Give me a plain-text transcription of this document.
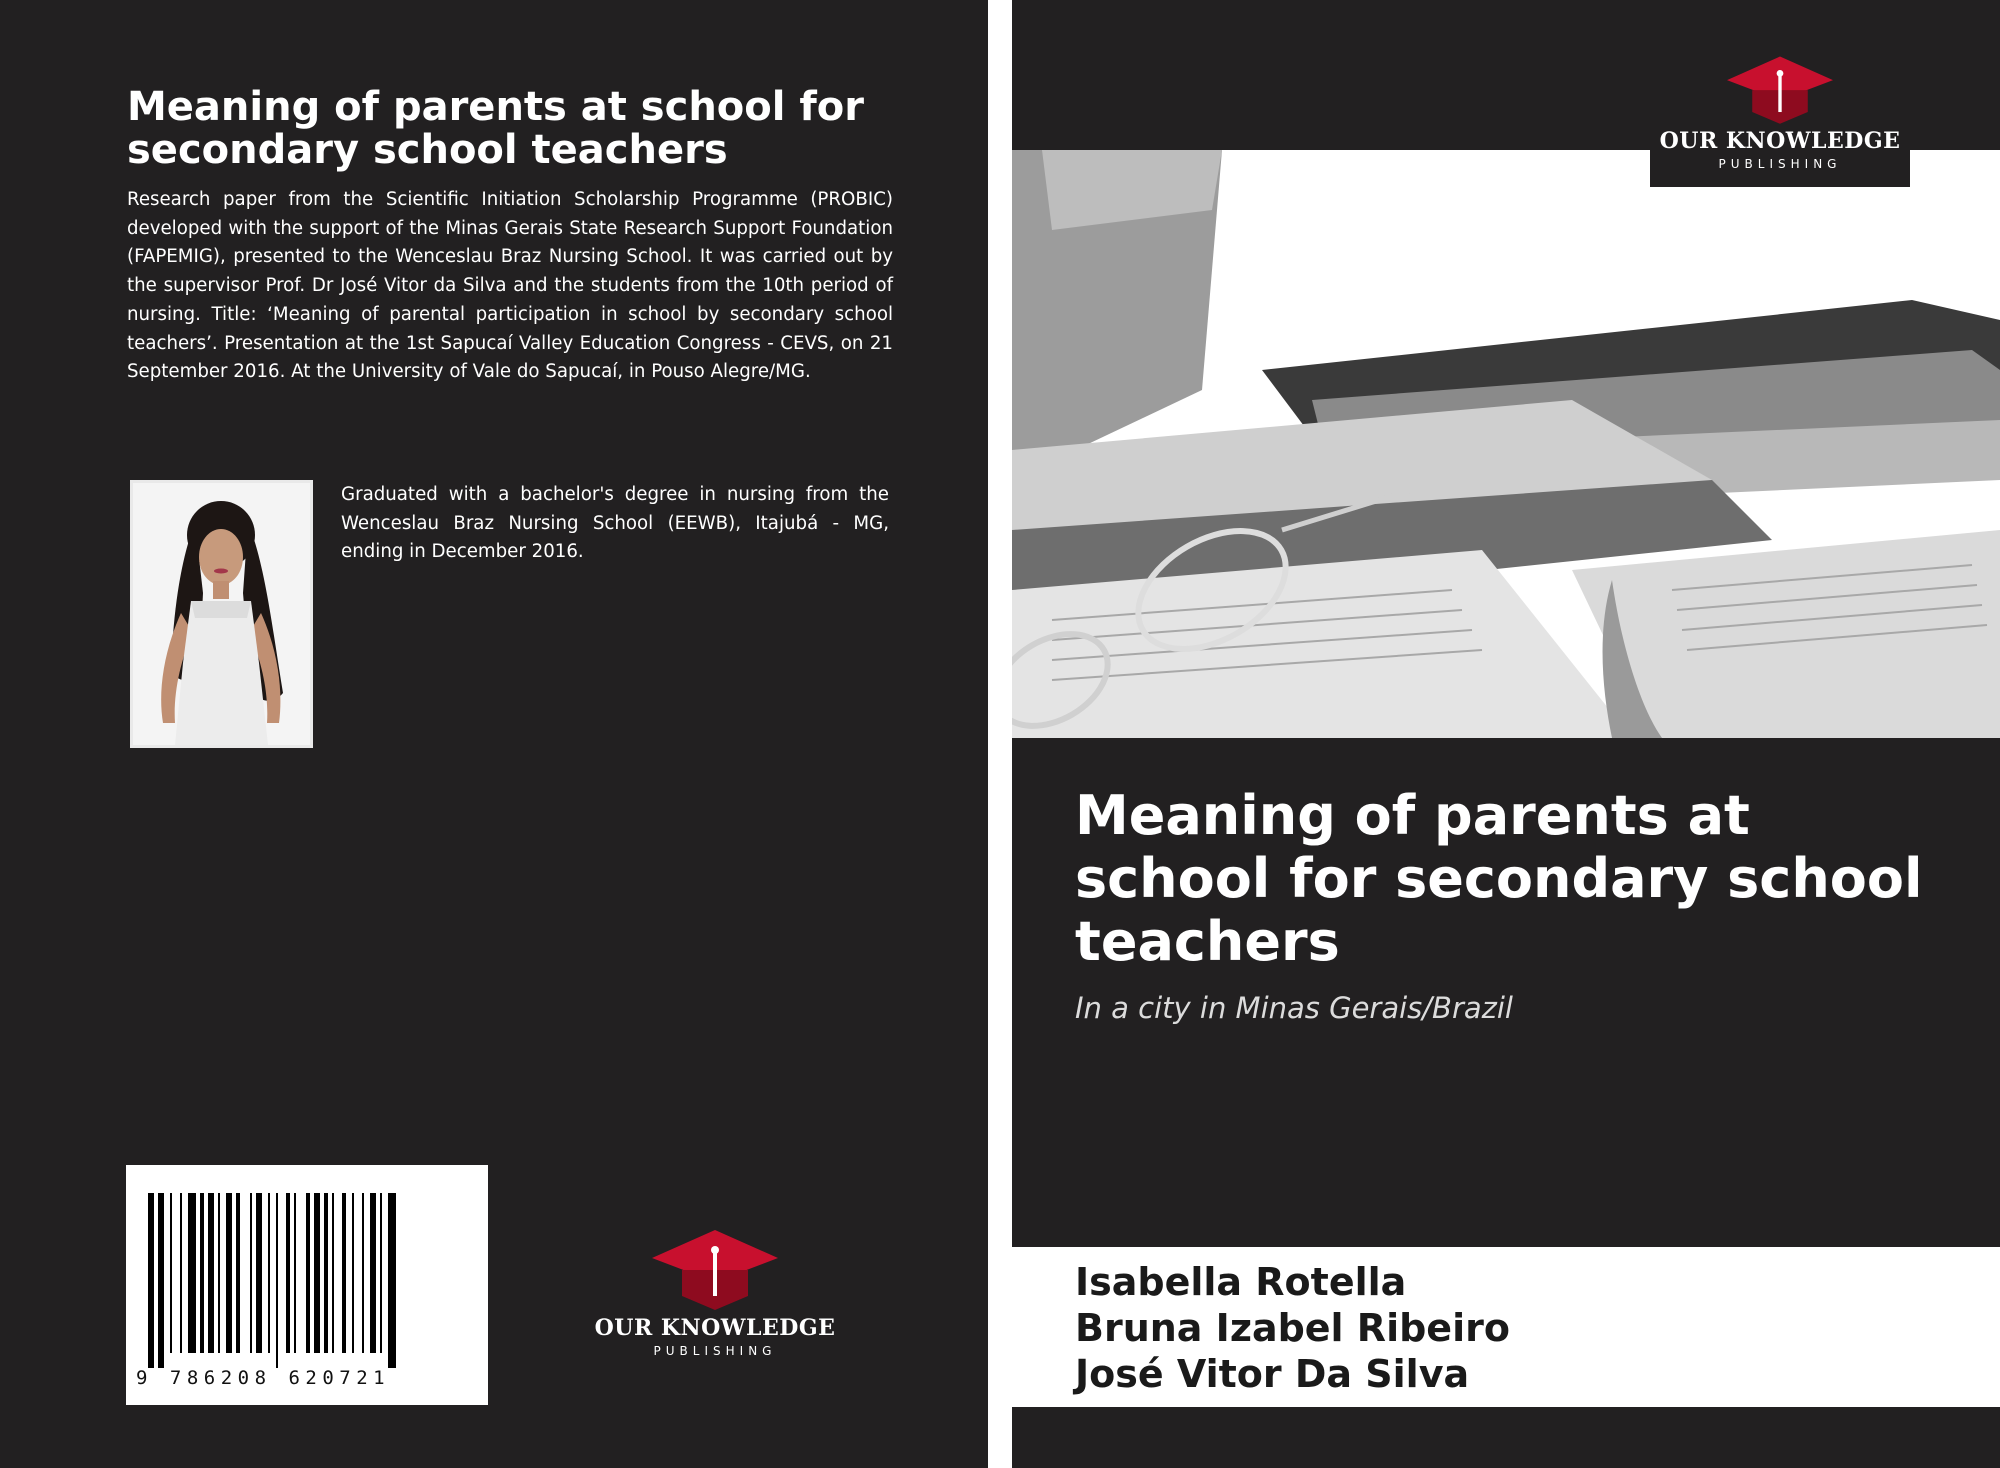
Meaning of parents at school for secondary school teachers

Research paper from the Scientific Initiation Scholarship Programme (PROBIC) developed with the support of the Minas Gerais State Research Support Foundation (FAPEMIG), presented to the Wenceslau Braz Nursing School. It was carried out by the supervisor Prof. Dr José Vitor da Silva and the students from the 10th period of nursing. Title: ‘Meaning of parental participation in school by secondary school teachers’. Presentation at the 1st Sapucaí Valley Education Congress - CEVS, on 21 September 2016. At the University of Vale do Sapucaí, in Pouso Alegre/MG.

Graduated with a bachelor's degree in nursing from the Wenceslau Braz Nursing School (EEWB), Itajubá - MG, ending in December 2016.

9 786208 620721
OUR KNOWLEDGE
PUBLISHING
OUR KNOWLEDGE
PUBLISHING
Meaning of parents at school for secondary school teachers
In a city in Minas Gerais/Brazil
Isabella Rotella
Bruna Izabel Ribeiro
José Vitor Da Silva
